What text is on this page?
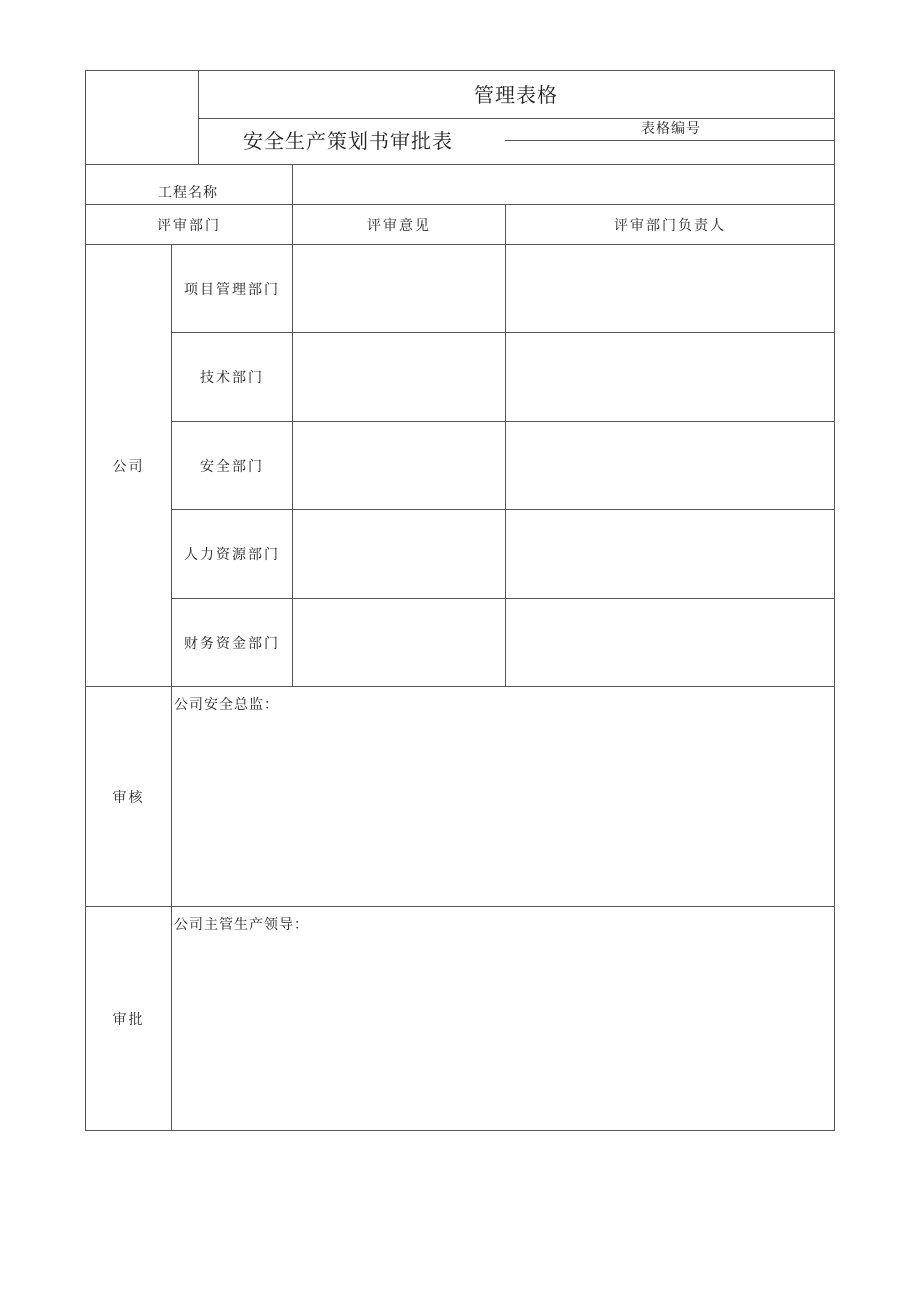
管理表格
安全生产策划书审批表	表格编号
工程名称
评审部门	评审意见	评审部门负责人
公司
项目管理部门
技术部门
安全部门
人力资源部门
财务资金部门
审核
公司安全总监：
审批
公司主管生产领导：
